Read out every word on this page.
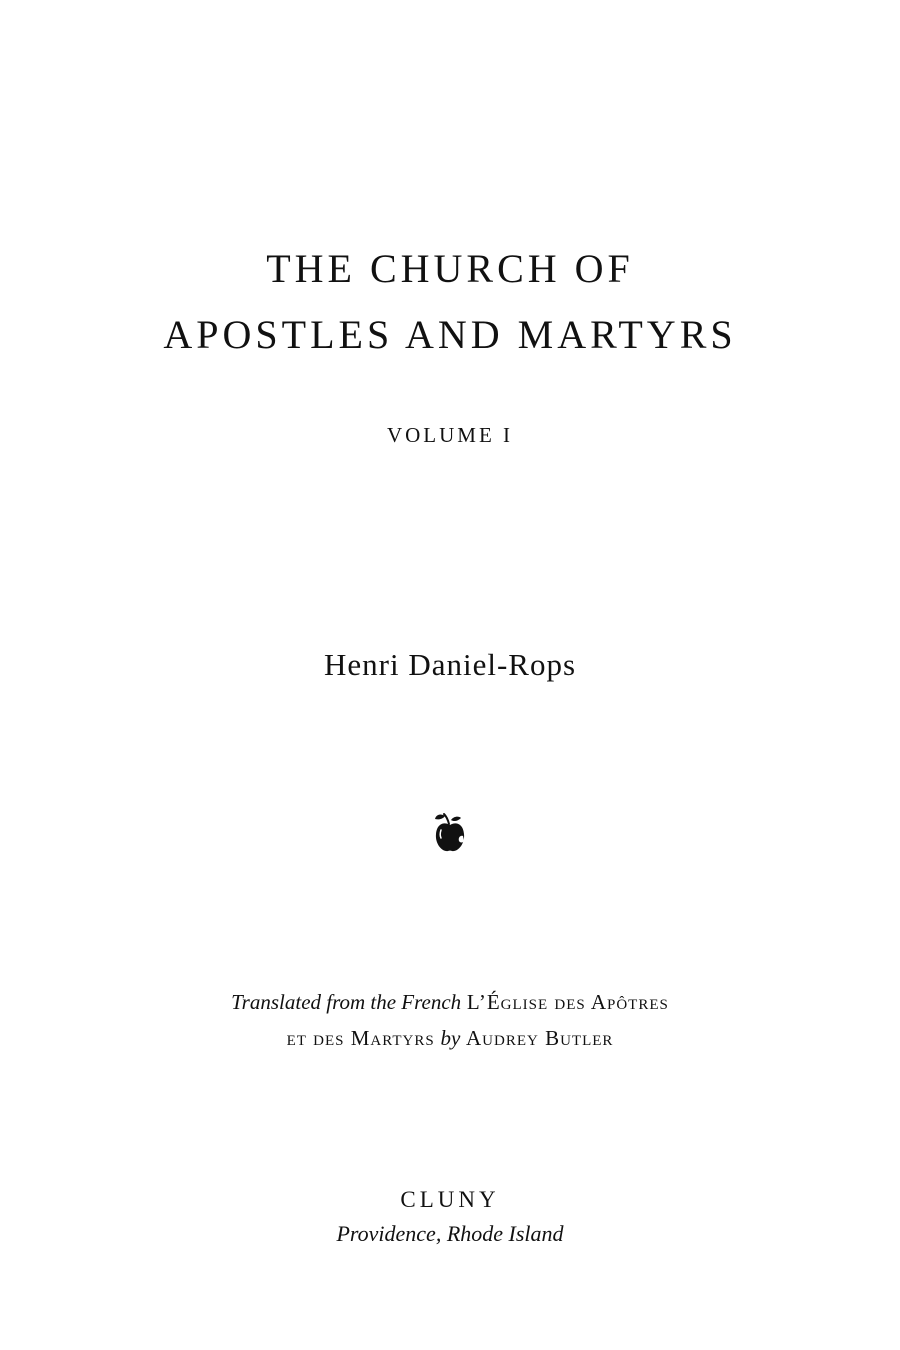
THE CHURCH OF
APOSTLES AND MARTYRS
VOLUME I
Henri Daniel-Rops
Translated from the French L’Église des Apôtres
et des Martyrs by Audrey Butler
CLUNY
Providence, Rhode Island
